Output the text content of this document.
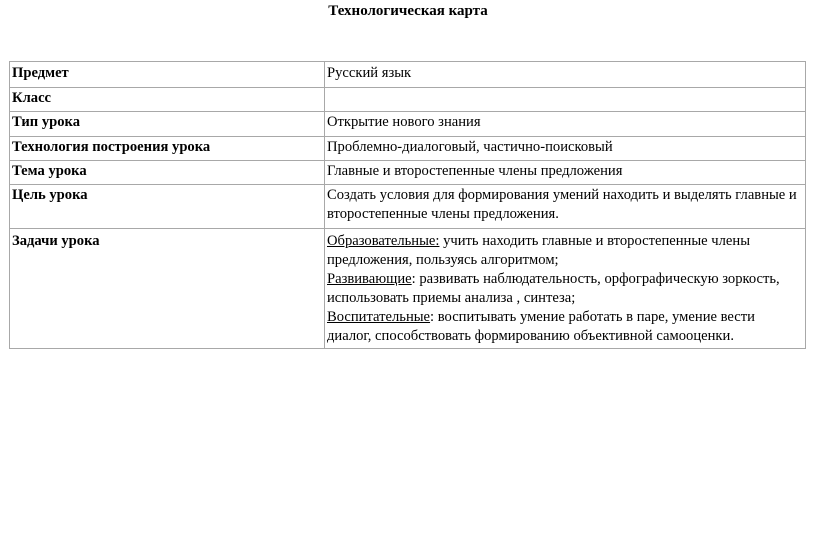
Технологическая карта
Предмет	Русский язык
Класс	
Тип урока	Открытие нового знания
Технология построения урока	Проблемно-диалоговый, частично-поисковый
Тема урока	Главные и второстепенные члены предложения
Цель урока	Создать условия для формирования умений находить и выделять главные и второстепенные члены предложения.
Задачи урока	Образовательные: учить находить главные и второстепенные члены предложения, пользуясь алгоритмом;
Развивающие: развивать наблюдательность, орфографическую зоркость, использовать приемы анализа , синтеза;
Воспитательные: воспитывать умение работать в паре, умение вести диалог, способствовать формированию объективной самооценки.
